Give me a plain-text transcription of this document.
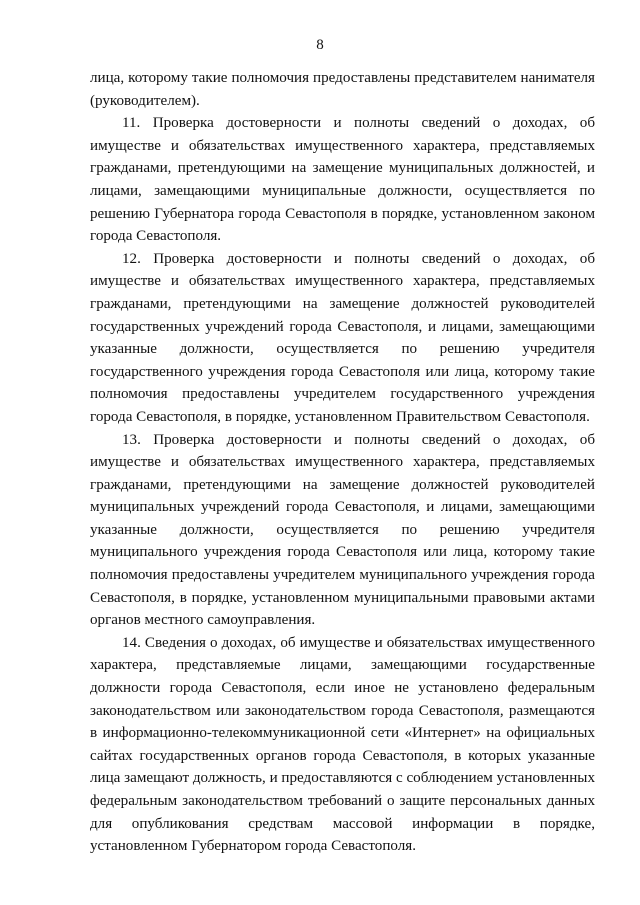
8

лица, которому такие полномочия предоставлены представителем нанимателя (руководителем).

11. Проверка достоверности и полноты сведений о доходах, об имуществе и обязательствах имущественного характера, представляемых гражданами, претендующими на замещение муниципальных должностей, и лицами, замещающими муниципальные должности, осуществляется по решению Губернатора города Севастополя в порядке, установленном законом города Севастополя.

12. Проверка достоверности и полноты сведений о доходах, об имуществе и обязательствах имущественного характера, представляемых гражданами, претендующими на замещение должностей руководителей государственных учреждений города Севастополя, и лицами, замещающими указанные должности, осуществляется по решению учредителя государственного учреждения города Севастополя или лица, которому такие полномочия предоставлены учредителем государственного учреждения города Севастополя, в порядке, установленном Правительством Севастополя.

13. Проверка достоверности и полноты сведений о доходах, об имуществе и обязательствах имущественного характера, представляемых гражданами, претендующими на замещение должностей руководителей муниципальных учреждений города Севастополя, и лицами, замещающими указанные должности, осуществляется по решению учредителя муниципального учреждения города Севастополя или лица, которому такие полномочия предоставлены учредителем муниципального учреждения города Севастополя, в порядке, установленном муниципальными правовыми актами органов местного самоуправления.

14. Сведения о доходах, об имуществе и обязательствах имущественного характера, представляемые лицами, замещающими государственные должности города Севастополя, если иное не установлено федеральным законодательством или законодательством города Севастополя, размещаются в информационно-телекоммуникационной сети «Интернет» на официальных сайтах государственных органов города Севастополя, в которых указанные лица замещают должность, и предоставляются с соблюдением установленных федеральным законодательством требований о защите персональных данных для опубликования средствам массовой информации в порядке, установленном Губернатором города Севастополя.
